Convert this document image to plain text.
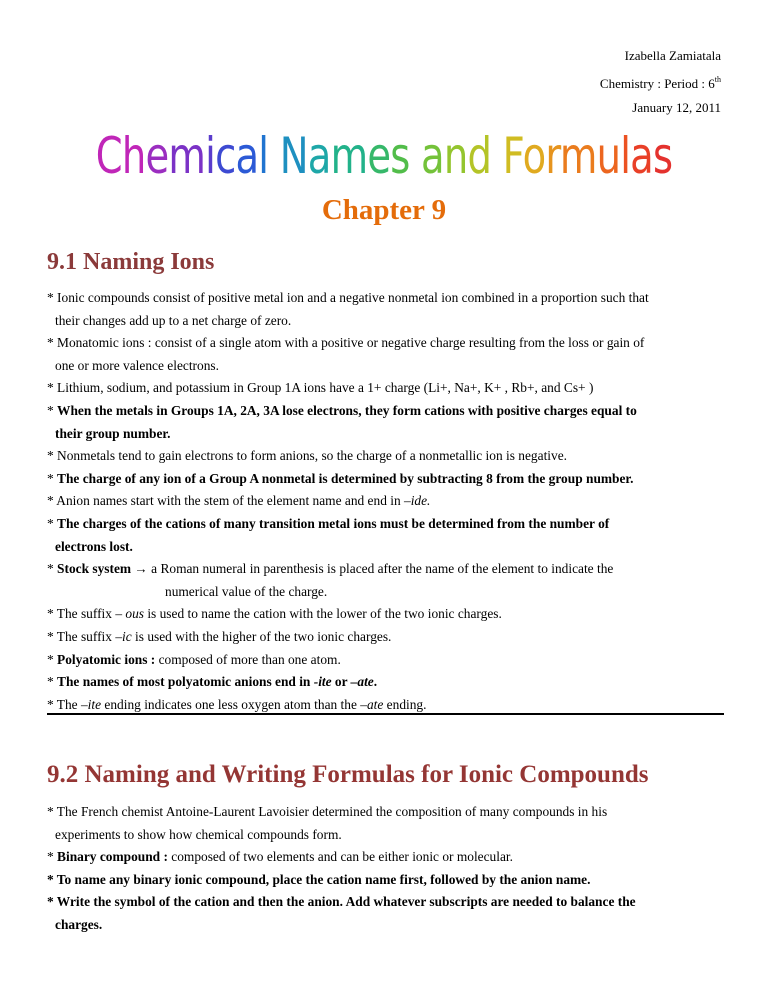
Izabella Zamiatala
Chemistry : Period : 6th
January 12, 2011
Chemical Names and Formulas
Chapter 9
9.1 Naming Ions
* Ionic compounds consist of positive metal ion and a negative nonmetal ion combined in a proportion such that
their changes add up to a net charge of zero.
* Monatomic ions : consist of a single atom with a positive or negative charge resulting from the loss or gain of
one or more valence electrons.
* Lithium, sodium, and potassium in Group 1A ions have a 1+ charge (Li+, Na+, K+ , Rb+, and Cs+ )
* When the metals in Groups 1A, 2A, 3A lose electrons, they form cations with positive charges equal to
their group number.
* Nonmetals tend to gain electrons to form anions, so the charge of a nonmetallic ion is negative.
* The charge of any ion of a Group A nonmetal is determined by subtracting 8 from the group number.
* Anion names start with the stem of the element name and end in –ide.
* The charges of the cations of many transition metal ions must be determined from the number of
electrons lost.
* Stock system → a Roman numeral in parenthesis is placed after the name of the element to indicate the
numerical value of the charge.
* The suffix – ous is used to name the cation with the lower of the two ionic charges.
* The suffix –ic is used with the higher of the two ionic charges.
* Polyatomic ions : composed of more than one atom.
* The names of most polyatomic anions end in -ite or –ate.
* The –ite ending indicates one less oxygen atom than the –ate ending.
9.2 Naming and Writing Formulas for Ionic Compounds
* The French chemist Antoine-Laurent Lavoisier determined the composition of many compounds in his
experiments to show how chemical compounds form.
* Binary compound : composed of two elements and can be either ionic or molecular.
* To name any binary ionic compound, place the cation name first, followed by the anion name.
* Write the symbol of the cation and then the anion. Add whatever subscripts are needed to balance the
charges.
